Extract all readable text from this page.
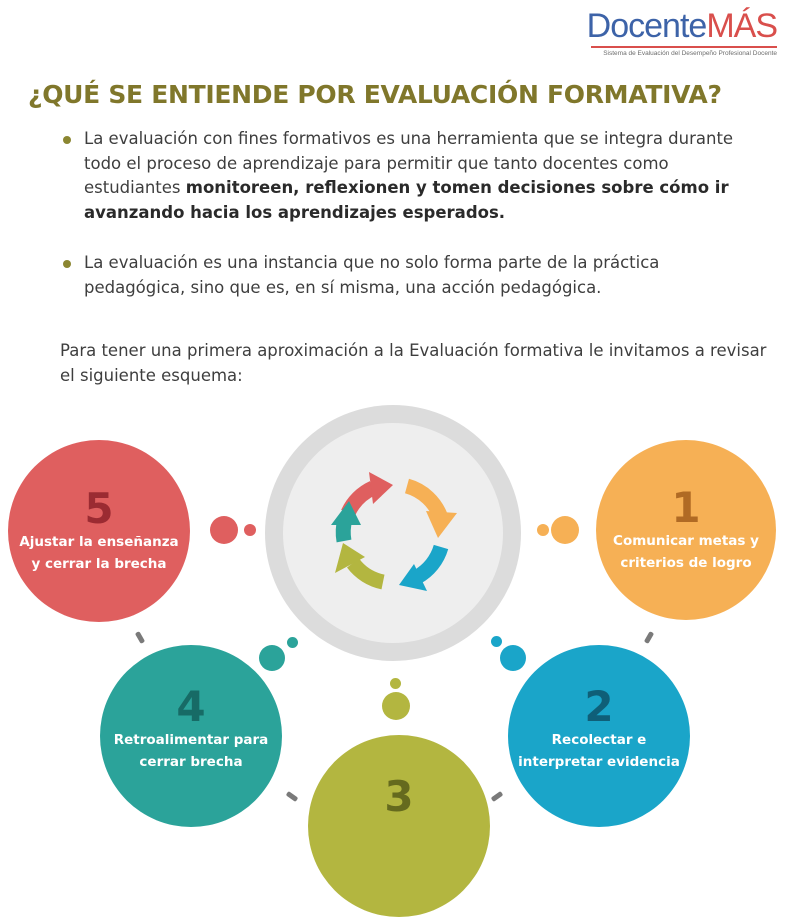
DocenteMÁS
Sistema de Evaluación del Desempeño Profesional Docente
¿QUÉ SE ENTIENDE POR EVALUACIÓN FORMATIVA?
La evaluación con fines formativos es una herramienta que se integra durante todo el proceso de aprendizaje para permitir que tanto docentes como estudiantes monitoreen, reflexionen y tomen decisiones sobre cómo ir avanzando hacia los aprendizajes esperados.
La evaluación es una instancia que no solo forma parte de la práctica pedagógica, sino que es, en sí misma, una acción pedagógica.

Para tener una primera aproximación a la Evaluación formativa le invitamos a revisar el siguiente esquema:

5
Ajustar la enseñanza y cerrar la brecha
1
Comunicar metas y criterios de logro
4
Retroalimentar para cerrar brecha
2
Recolectar e interpretar evidencia
3
